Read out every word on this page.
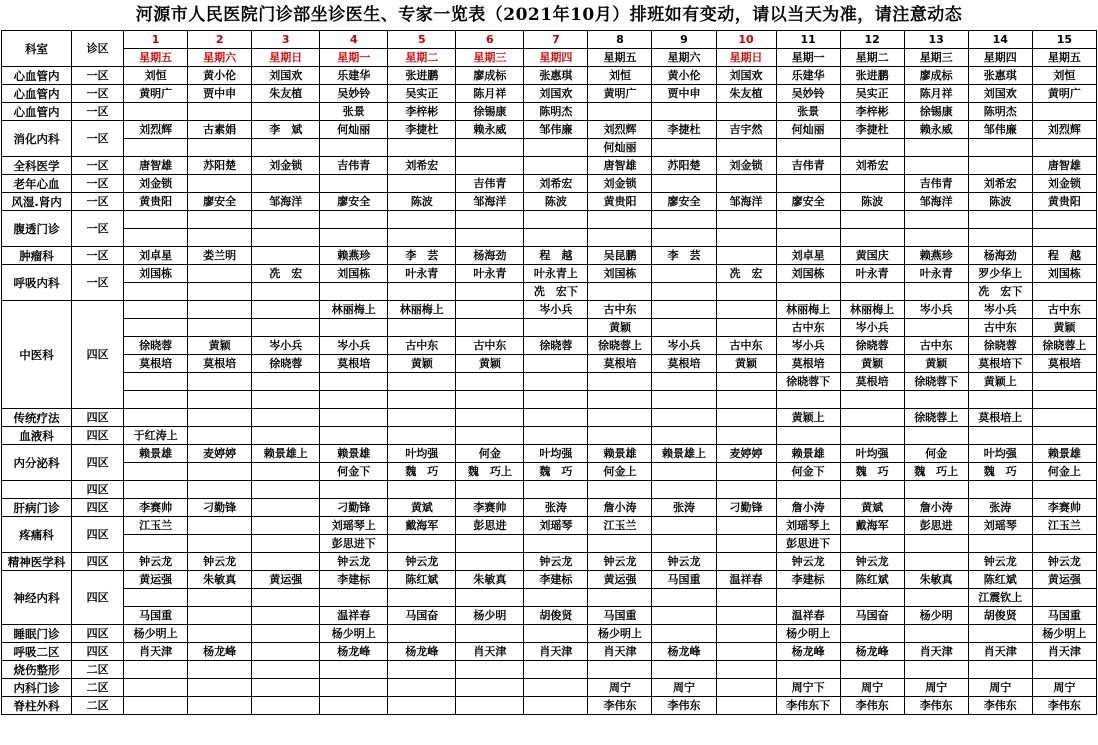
河源市人民医院门诊部坐诊医生、专家一览表（2021年10月）排班如有变动，请以当天为准，请注意动态
科室	诊区	1	2	3	4	5	6	7	8	9	10	11	12	13	14	15
		星期五	星期六	星期日	星期一	星期二	星期三	星期四	星期五	星期六	星期日	星期一	星期二	星期三	星期四	星期五
心血管内	一区	刘恒	黄小伦	刘国欢	乐建华	张进鹏	廖成标	张惠琪	刘恒	黄小伦	刘国欢	乐建华	张进鹏	廖成标	张惠琪	刘恒
心血管内	一区	黄明广	贾中申	朱友植	吴妙铃	吴实正	陈月祥	刘国欢	黄明广	贾中申	朱友植	吴妙铃	吴实正	陈月祥	刘国欢	黄明广
心血管内	一区				张景	李梓彬	徐锡康	陈明杰				张景	李梓彬	徐锡康	陈明杰	
消化内科	一区	刘烈辉	古素娟	李　斌	何灿丽	李捷杜	赖永威	邹伟廉	刘烈辉	李捷杜	吉宇然	何灿丽	李捷杜	赖永威	邹伟廉	刘烈辉
									何灿丽							
全科医学	一区	唐智雄	苏阳楚	刘金锁	吉伟青	刘希宏			唐智雄	苏阳楚	刘金锁	吉伟青	刘希宏			唐智雄
老年心血	一区	刘金锁					吉伟青	刘希宏	刘金锁					吉伟青	刘希宏	刘金锁
风湿.肾内	一区	黄贵阳	廖安全	邹海洋	廖安全	陈波	邹海洋	陈波	黄贵阳	廖安全	邹海洋	廖安全	陈波	邹海洋	陈波	黄贵阳
腹透门诊	一区															

肿瘤科	一区	刘卓星	娄兰明		赖燕珍	李　芸	杨海劲	程　越	吴昆鹏	李　芸		刘卓星	黄国庆	赖燕珍	杨海劲	程　越
呼吸内科	一区	刘国栋		冼　宏	刘国栋	叶永青	叶永青	叶永青上	刘国栋		冼　宏	刘国栋	叶永青	叶永青	罗少华上	刘国栋
								冼　宏下							冼　宏下	
中医科	四区				林丽梅上	林丽梅上		岑小兵	古中东			林丽梅上	林丽梅上	岑小兵	岑小兵	古中东
									黄颖			古中东	岑小兵		古中东	黄颖
		徐晓蓉	黄颖	岑小兵	岑小兵	古中东	古中东	徐晓蓉	徐晓蓉上	岑小兵	古中东	岑小兵	徐晓蓉	古中东	徐晓蓉	徐晓蓉上
		莫根培	莫根培	徐晓蓉	莫根培	黄颖	黄颖		莫根培	莫根培	黄颖	莫根培	黄颖	黄颖	莫根培下	莫根培
												徐晓蓉下	莫根培	徐晓蓉下	黄颖上	

传统疗法	四区											黄颖上		徐晓蓉上	莫根培上	
血液科	四区	于红涛上														
内分泌科	四区	赖景雄	麦婷婷	赖景雄上	赖景雄	叶均强	何金	叶均强	赖景雄	赖景雄上	麦婷婷	赖景雄	叶均强	何金	叶均强	赖景雄
					何金下	魏　巧	魏　巧上	魏　巧	何金上			何金下	魏　巧	魏　巧上	魏　巧	何金上
	四区															
肝病门诊	四区	李赛帅	刁勤锋		刁勤锋	黄斌	李赛帅	张涛	詹小涛	张涛	刁勤锋	詹小涛	黄斌	詹小涛	张涛	李赛帅
疼痛科	四区	江玉兰			刘瑶琴上	戴海军	彭思进	刘瑶琴	江玉兰			刘瑶琴上	戴海军	彭思进	刘瑶琴	江玉兰
					彭思进下							彭思进下				
精神医学科	四区	钟云龙	钟云龙		钟云龙	钟云龙		钟云龙	钟云龙	钟云龙		钟云龙	钟云龙		钟云龙	钟云龙
神经内科	四区	黄运强	朱敏真	黄运强	李建标	陈红斌	朱敏真	李建标	黄运强	马国重	温祥春	李建标	陈红斌	朱敏真	陈红斌	黄运强
															江震钦上	
		马国重			温祥春	马国奋	杨少明	胡俊贤	马国重			温祥春	马国奋	杨少明	胡俊贤	马国重
睡眠门诊	四区	杨少明上			杨少明上				杨少明上			杨少明上				杨少明上
呼吸二区	四区	肖天津	杨龙峰		杨龙峰	杨龙峰	肖天津	肖天津	肖天津	杨龙峰		杨龙峰	杨龙峰	肖天津	肖天津	肖天津
烧伤整形	二区															
内科门诊	二区								周宁	周宁		周宁下	周宁	周宁	周宁	周宁
脊柱外科	二区								李伟东	李伟东		李伟东下	李伟东	李伟东	李伟东	李伟东
